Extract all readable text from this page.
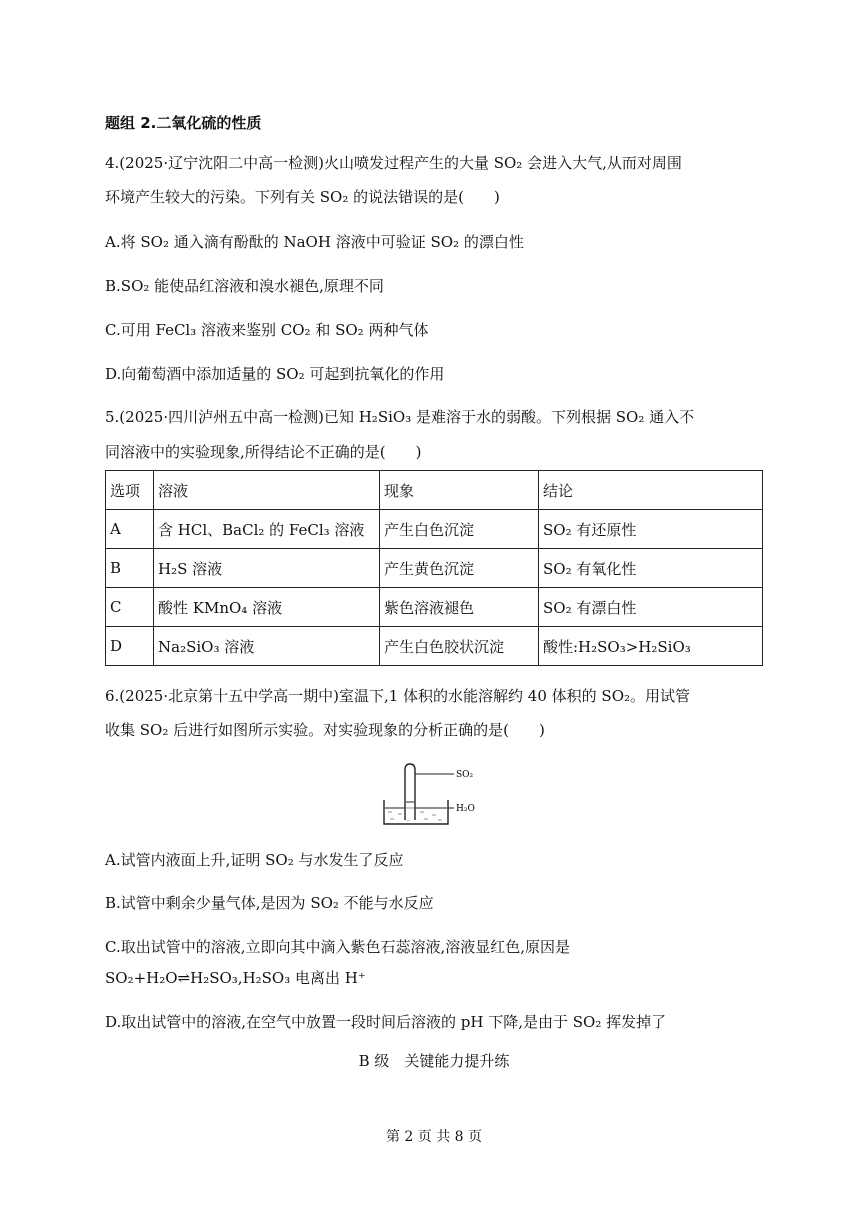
题组 2.二氧化硫的性质
4.(2025·辽宁沈阳二中高一检测)火山喷发过程产生的大量 SO₂ 会进入大气,从而对周围
环境产生较大的污染。下列有关 SO₂ 的说法错误的是(　　)
A.将 SO₂ 通入滴有酚酞的 NaOH 溶液中可验证 SO₂ 的漂白性
B.SO₂ 能使品红溶液和溴水褪色,原理不同
C.可用 FeCl₃ 溶液来鉴别 CO₂ 和 SO₂ 两种气体
D.向葡萄酒中添加适量的 SO₂ 可起到抗氧化的作用
5.(2025·四川泸州五中高一检测)已知 H₂SiO₃ 是难溶于水的弱酸。下列根据 SO₂ 通入不
同溶液中的实验现象,所得结论不正确的是(　　)
选项	溶液	现象	结论
A	含 HCl、BaCl₂ 的 FeCl₃ 溶液	产生白色沉淀	SO₂ 有还原性
B	H₂S 溶液	产生黄色沉淀	SO₂ 有氧化性
C	酸性 KMnO₄ 溶液	紫色溶液褪色	SO₂ 有漂白性
D	Na₂SiO₃ 溶液	产生白色胶状沉淀	酸性:H₂SO₃>H₂SiO₃
6.(2025·北京第十五中学高一期中)室温下,1 体积的水能溶解约 40 体积的 SO₂。用试管
收集 SO₂ 后进行如图所示实验。对实验现象的分析正确的是(　　)
SO₂
H₂O
A.试管内液面上升,证明 SO₂ 与水发生了反应
B.试管中剩余少量气体,是因为 SO₂ 不能与水反应
C.取出试管中的溶液,立即向其中滴入紫色石蕊溶液,溶液显红色,原因是
SO₂+H₂O⇌H₂SO₃,H₂SO₃ 电离出 H⁺
D.取出试管中的溶液,在空气中放置一段时间后溶液的 pH 下降,是由于 SO₂ 挥发掉了
B 级　关键能力提升练
第 2 页 共 8 页
